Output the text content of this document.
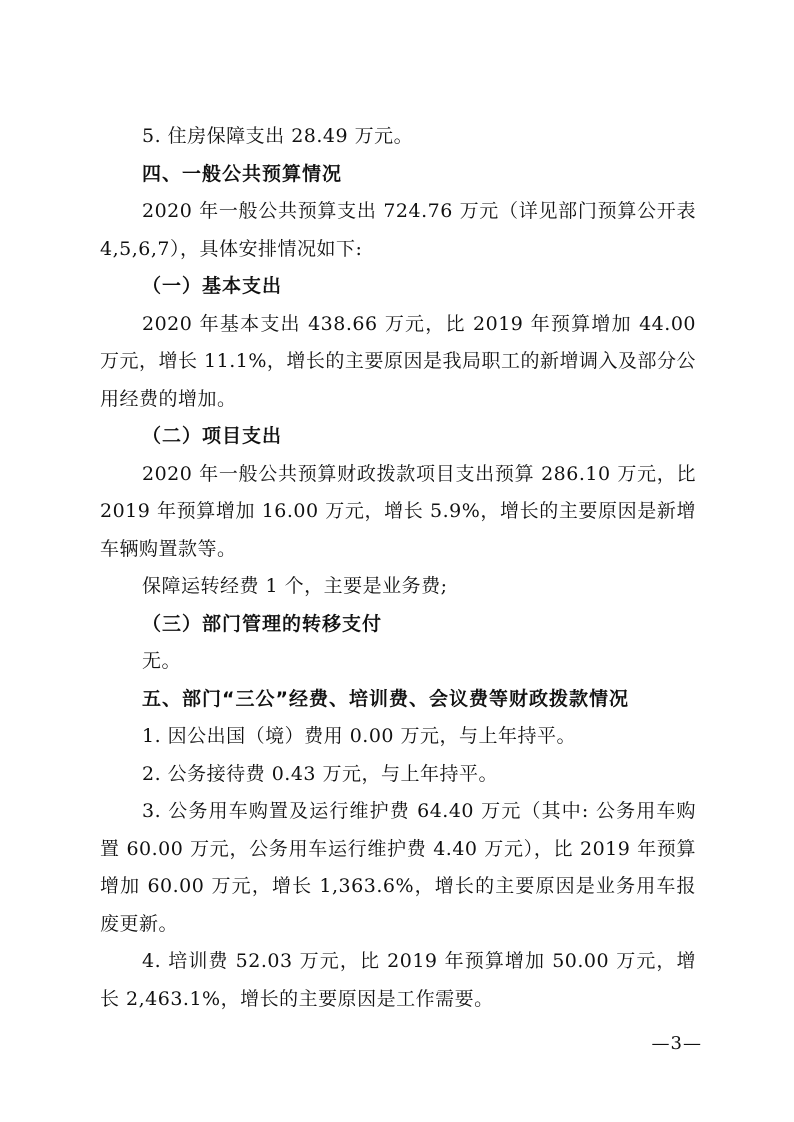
5. 住房保障支出 28.49 万元。

四、一般公共预算情况

2020 年一般公共预算支出 724.76 万元（详见部门预算公开表 4,5,6,7），具体安排情况如下:

（一）基本支出

2020 年基本支出 438.66 万元，比 2019 年预算增加 44.00 万元，增长 11.1%，增长的主要原因是我局职工的新增调入及部分公用经费的增加。

（二）项目支出

2020 年一般公共预算财政拨款项目支出预算 286.10 万元，比 2019 年预算增加 16.00 万元，增长 5.9%，增长的主要原因是新增车辆购置款等。

保障运转经费 1 个，主要是业务费;

（三）部门管理的转移支付

无。

五、部门“三公”经费、培训费、会议费等财政拨款情况

1. 因公出国（境）费用 0.00 万元，与上年持平。

2. 公务接待费 0.43 万元，与上年持平。

3. 公务用车购置及运行维护费 64.40 万元（其中: 公务用车购置 60.00 万元，公务用车运行维护费 4.40 万元），比 2019 年预算增加 60.00 万元，增长 1,363.6%，增长的主要原因是业务用车报废更新。

4. 培训费 52.03 万元，比 2019 年预算增加 50.00 万元，增长 2,463.1%，增长的主要原因是工作需要。

—3—
